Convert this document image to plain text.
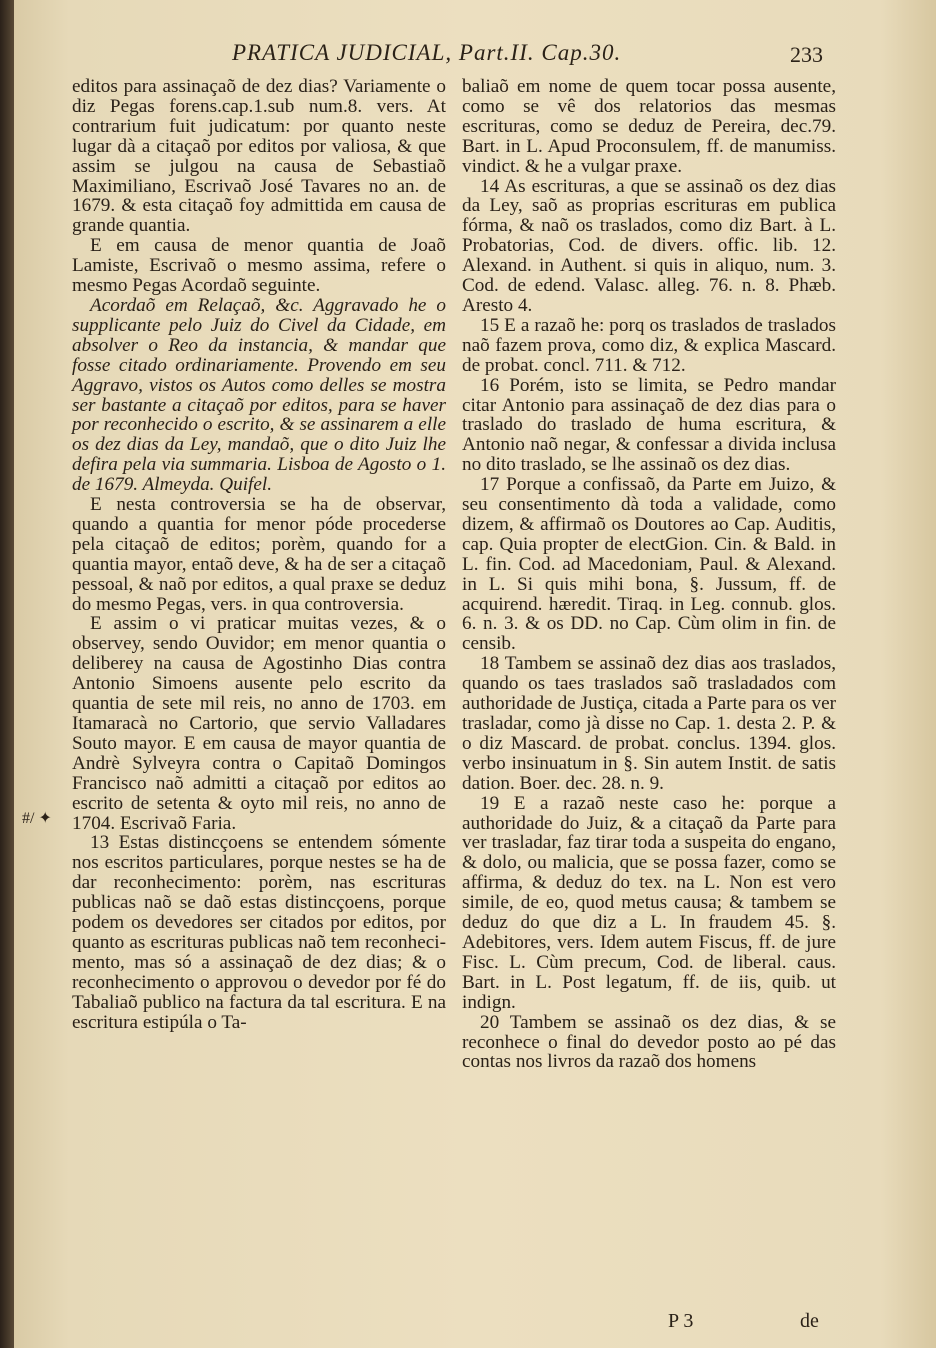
PRATICA JUDICIAL, Part.II. Cap.30.	233
#/ ✦

editos para assinaçaõ de dez dias? Variamente o diz Pegas forens.cap.1.sub num.8. vers. At contrarium fuit judicatum: por quanto neste lugar dà a citaçaõ por editos por valiosa, & que assim se julgou na causa de Sebastiaõ Maximiliano, Escrivaõ José Tavares no an. de 1679. & esta citaçaõ foy admittida em causa de grande quantia.

E em causa de menor quantia de Joaõ Lamiste, Escrivaõ o mesmo assima, refere o mesmo Pegas Acordaõ seguinte.

Acordaõ em Relaçaõ, &c. Aggravado he o supplicante pelo Juiz do Civel da Cidade, em absolver o Reo da instancia, & mandar que fosse citado ordinariamente. Provendo em seu Aggravo, vistos os Autos como delles se mostra ser bastante a citaçaõ por editos, para se haver por reconhecido o escrito, & se assinarem a elle os dez dias da Ley, mandaõ, que o dito Juiz lhe defira pela via summaria. Lisboa de Agosto o 1. de 1679. Almeyda. Quifel.

E nesta controversia se ha de observar, quando a quantia for menor póde procederse pela citaçaõ de editos; porèm, quando for a quantia mayor, entaõ deve, & ha de ser a citaçaõ pessoal, & naõ por editos, a qual praxe se deduz do mesmo Pegas, vers. in qua controversia.

E assim o vi praticar muitas vezes, & o observey, sendo Ouvidor; em menor quantia o deliberey na causa de Agostinho Dias contra Antonio Simoens ausente pelo escrito da quantia de sete mil reis, no anno de 1703. em Itamaracà no Cartorio, que servio Valladares Souto mayor. E em causa de mayor quantia de Andrè Sylveyra contra o Capitaõ Domingos Francisco naõ admitti a citaçaõ por editos ao escrito de setenta & oyto mil reis, no anno de 1704. Escrivaõ Faria.

13 Estas distincçoens se entendem sómente nos escritos particulares, porque nestes se ha de dar reconhecimento: porèm, nas escrituras publicas naõ se daõ estas distincçoens, porque podem os devedores ser citados por editos, por quanto as escrituras publicas naõ tem reconhecimento, mas só a assinaçaõ de dez dias; & o reconhecimento o approvou o devedor por fé do Tabaliaõ publico na factura da tal escritura. E na escritura estipúla o Ta-

baliaõ em nome de quem tocar possa ausente, como se vê dos relatorios das mesmas escrituras, como se deduz de Pereira, dec.79. Bart. in L. Apud Proconsulem, ff. de manumiss. vindict. & he a vulgar praxe.

14 As escrituras, a que se assinaõ os dez dias da Ley, saõ as proprias escrituras em publica fórma, & naõ os traslados, como diz Bart. à L. Probatorias, Cod. de divers. offic. lib. 12. Alexand. in Authent. si quis in aliquo, num. 3. Cod. de edend. Valasc. alleg. 76. n. 8. Phæb. Aresto 4.

15 E a razaõ he: porq os traslados de traslados naõ fazem prova, como diz, & explica Mascard. de probat. concl. 711. & 712.

16 Porém, isto se limita, se Pedro mandar citar Antonio para assinaçaõ de dez dias para o traslado do traslado de huma escritura, & Antonio naõ negar, & confessar a divida inclusa no dito traslado, se lhe assinaõ os dez dias.

17 Porque a confissaõ, da Parte em Juizo, & seu consentimento dà toda a validade, como dizem, & affirmaõ os Doutores ao Cap. Auditis, cap. Quia propter de electGion. Cin. & Bald. in L. fin. Cod. ad Macedoniam, Paul. & Alexand. in L. Si quis mihi bona, §. Jussum, ff. de acquirend. hæredit. Tiraq. in Leg. connub. glos. 6. n. 3. & os DD. no Cap. Cùm olim in fin. de censib.

18 Tambem se assinaõ dez dias aos traslados, quando os taes traslados saõ trasladados com authoridade de Justiça, citada a Parte para os ver trasladar, como jà disse no Cap. 1. desta 2. P. & o diz Mascard. de probat. conclus. 1394. glos. verbo insinuatum in §. Sin autem Instit. de satis dation. Boer. dec. 28. n. 9.

19 E a razaõ neste caso he: porque a authoridade do Juiz, & a citaçaõ da Parte para ver trasladar, faz tirar toda a suspeita do engano, & dolo, ou malicia, que se possa fazer, como se affirma, & deduz do tex. na L. Non est vero simile, de eo, quod metus causa; & tambem se deduz do que diz a L. In fraudem 45. §. Adebitores, vers. Idem autem Fiscus, ff. de jure Fisc. L. Cùm precum, Cod. de liberal. caus. Bart. in L. Post legatum, ff. de iis, quib. ut indign.

20 Tambem se assinaõ os dez dias, & se reconhece o final do devedor posto ao pé das contas nos livros da razaõ dos homens

P 3	de
